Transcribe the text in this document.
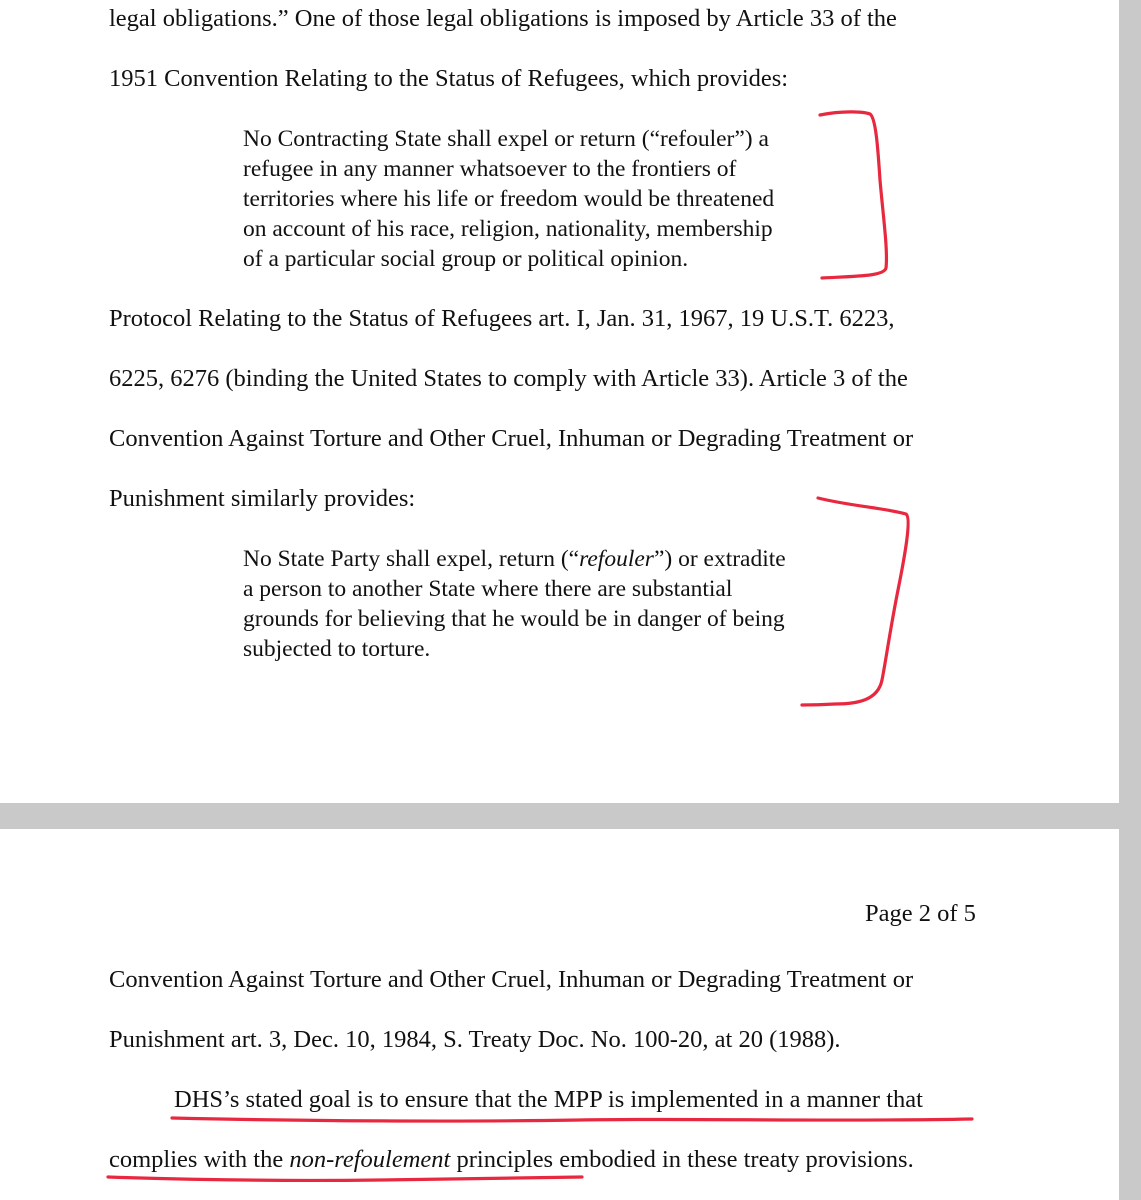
legal obligations.” One of those legal obligations is imposed by Article 33 of the
1951 Convention Relating to the Status of Refugees, which provides:
No Contracting State shall expel or return (“refouler”) a
refugee in any manner whatsoever to the frontiers of
territories where his life or freedom would be threatened
on account of his race, religion, nationality, membership
of a particular social group or political opinion.
Protocol Relating to the Status of Refugees art. I, Jan. 31, 1967, 19 U.S.T. 6223,
6225, 6276 (binding the United States to comply with Article 33). Article 3 of the
Convention Against Torture and Other Cruel, Inhuman or Degrading Treatment or
Punishment similarly provides:
No State Party shall expel, return (“refouler”) or extradite
a person to another State where there are substantial
grounds for believing that he would be in danger of being
subjected to torture.
Page 2 of 5
Convention Against Torture and Other Cruel, Inhuman or Degrading Treatment or
Punishment art. 3, Dec. 10, 1984, S. Treaty Doc. No. 100-20, at 20 (1988).
DHS’s stated goal is to ensure that the MPP is implemented in a manner that
complies with the non-refoulement principles embodied in these treaty provisions.
